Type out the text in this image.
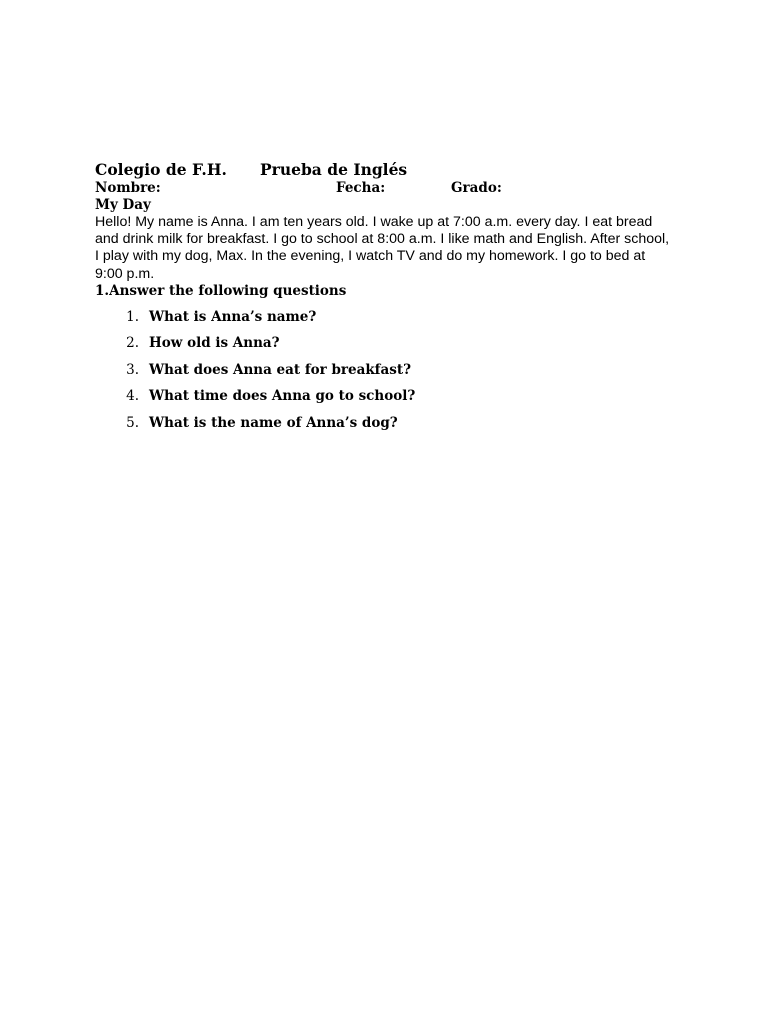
Colegio de F.H.	Prueba de Inglés
Nombre:	Fecha:	Grado:
My Day

Hello! My name is Anna. I am ten years old. I wake up at 7:00 a.m. every day. I eat bread and drink milk for breakfast. I go to school at 8:00 a.m. I like math and English. After school, I play with my dog, Max. In the evening, I watch TV and do my homework. I go to bed at 9:00 p.m.

1.Answer the following questions
1. What is Anna’s name?
2. How old is Anna?
3. What does Anna eat for breakfast?
4. What time does Anna go to school?
5. What is the name of Anna’s dog?
